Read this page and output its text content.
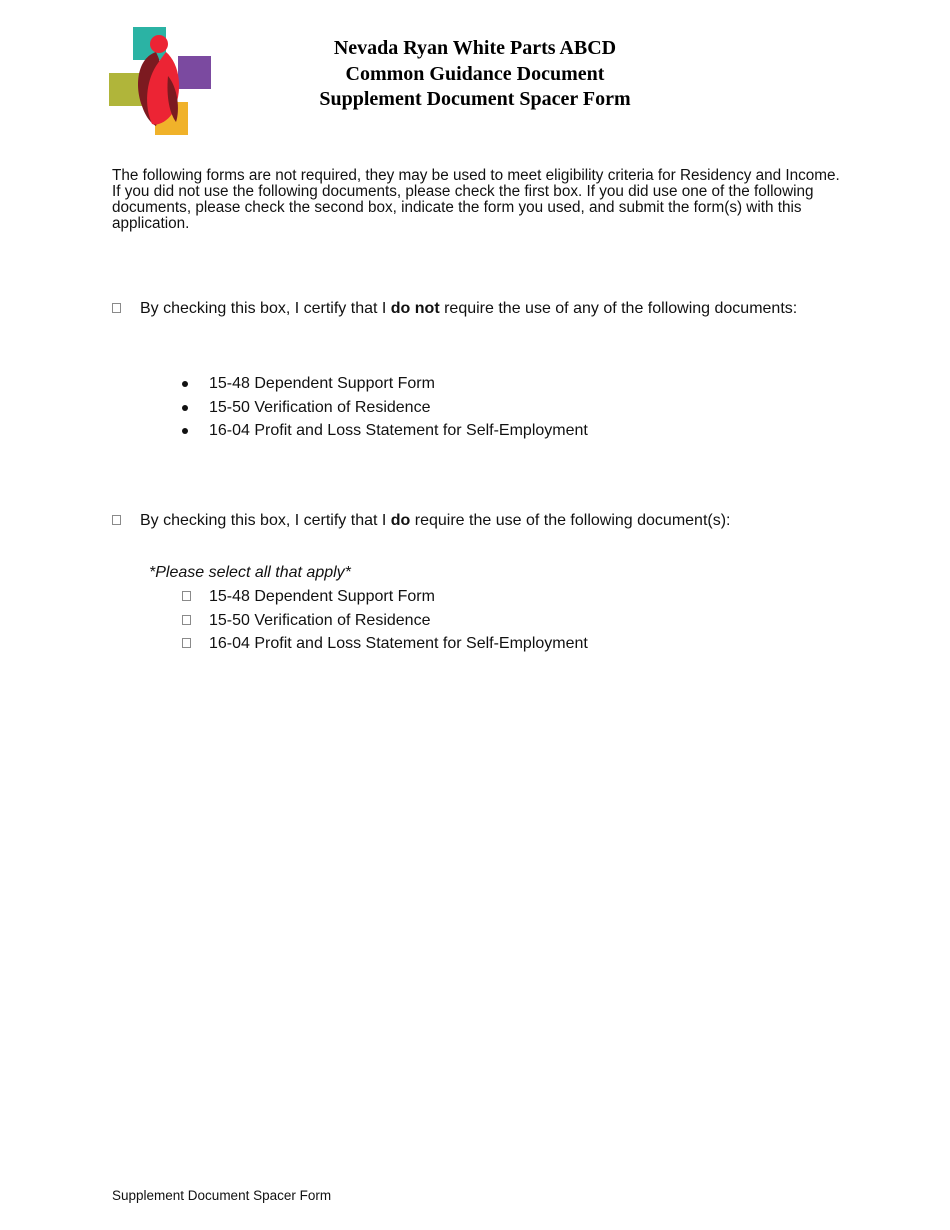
Nevada Ryan White Parts ABCD
Common Guidance Document
Supplement Document Spacer Form
The following forms are not required, they may be used to meet eligibility criteria for Residency and Income. If you did not use the following documents, please check the first box. If you did use one of the following documents, please check the second box, indicate the form you used, and submit the form(s) with this application.
By checking this box, I certify that I do not require the use of any of the following documents:
15-48 Dependent Support Form
15-50 Verification of Residence
16-04 Profit and Loss Statement for Self-Employment
By checking this box, I certify that I do require the use of the following document(s):
*Please select all that apply*
15-48 Dependent Support Form
15-50 Verification of Residence
16-04 Profit and Loss Statement for Self-Employment
Supplement Document Spacer Form
